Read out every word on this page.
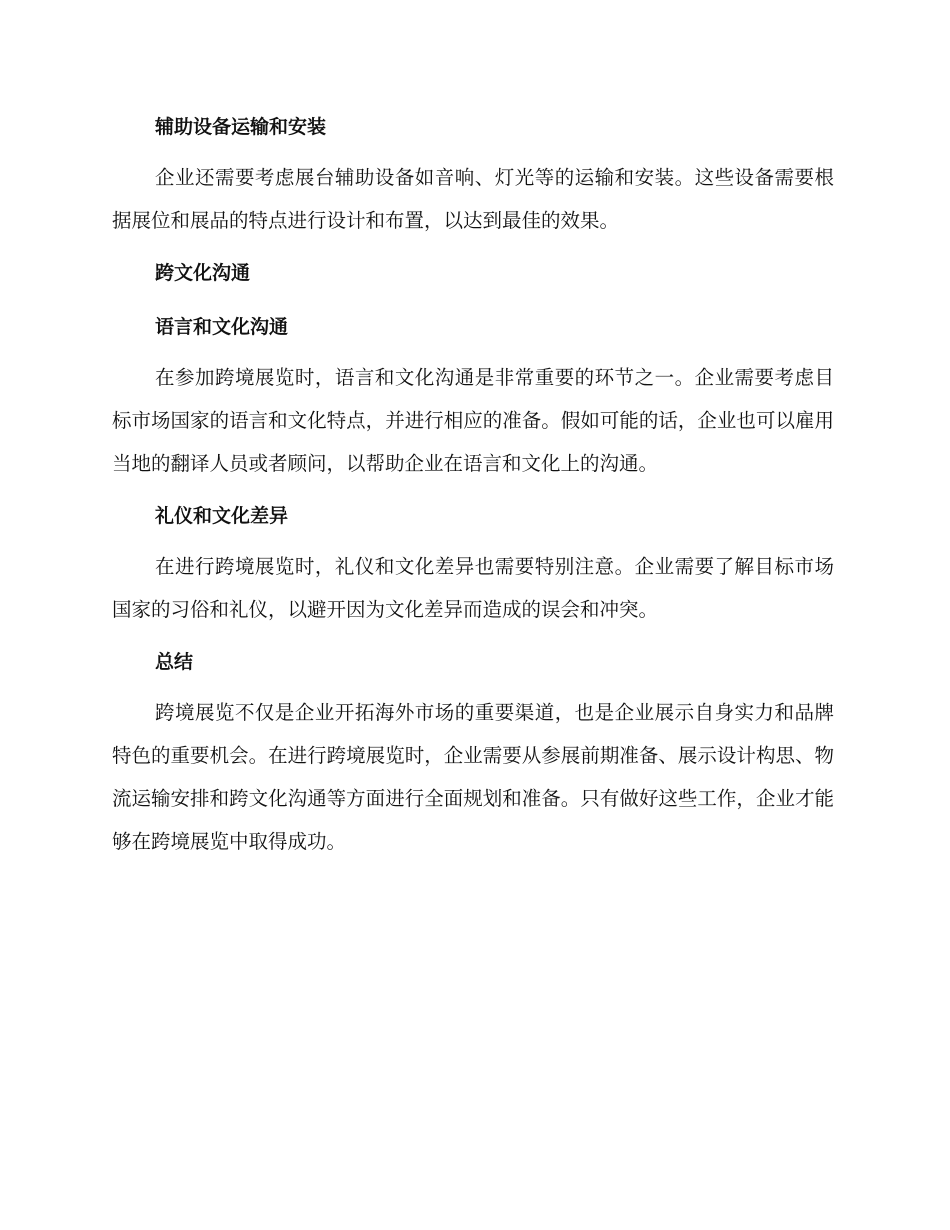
辅助设备运输和安装

企业还需要考虑展台辅助设备如音响、灯光等的运输和安装。这些设备需要根据展位和展品的特点进行设计和布置，以达到最佳的效果。

跨文化沟通
语言和文化沟通

在参加跨境展览时，语言和文化沟通是非常重要的环节之一。企业需要考虑目标市场国家的语言和文化特点，并进行相应的准备。假如可能的话，企业也可以雇用当地的翻译人员或者顾问，以帮助企业在语言和文化上的沟通。

礼仪和文化差异

在进行跨境展览时，礼仪和文化差异也需要特别注意。企业需要了解目标市场国家的习俗和礼仪，以避开因为文化差异而造成的误会和冲突。

总结

跨境展览不仅是企业开拓海外市场的重要渠道，也是企业展示自身实力和品牌特色的重要机会。在进行跨境展览时，企业需要从参展前期准备、展示设计构思、物流运输安排和跨文化沟通等方面进行全面规划和准备。只有做好这些工作，企业才能够在跨境展览中取得成功。
